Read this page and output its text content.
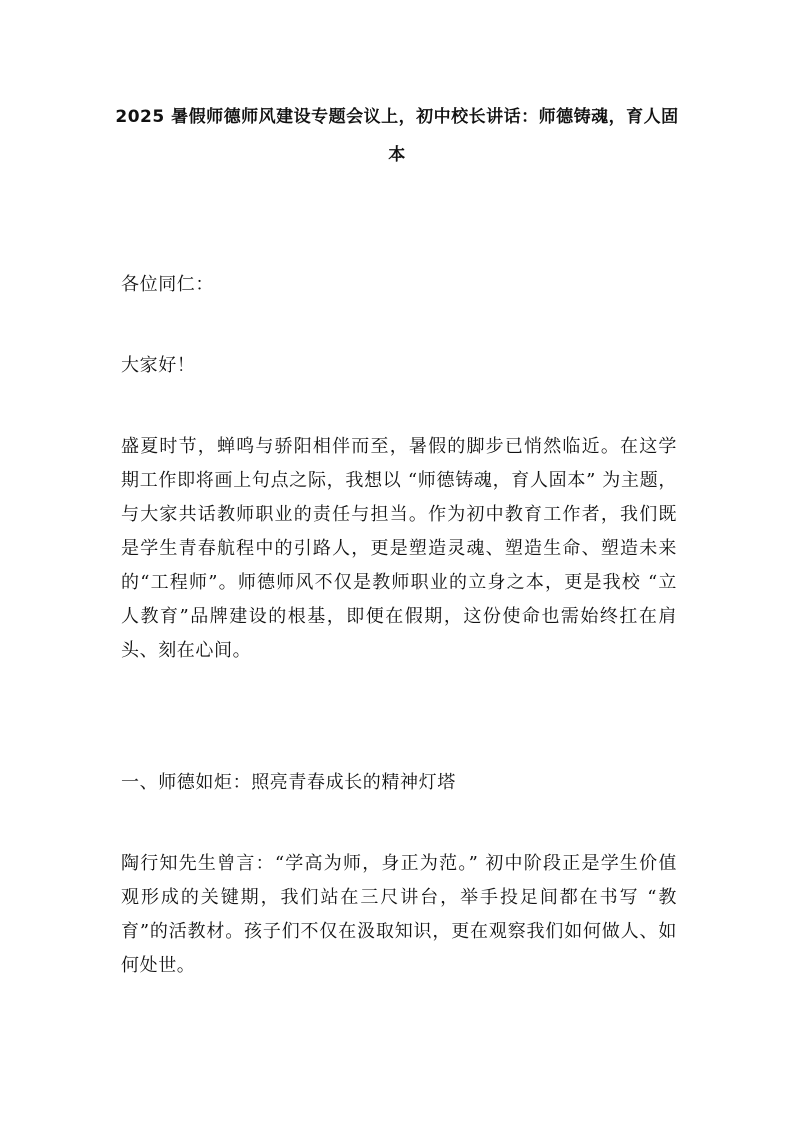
2025 暑假师德师风建设专题会议上，初中校长讲话：师德铸魂，育人固本

各位同仁：

大家好！

盛夏时节，蝉鸣与骄阳相伴而至，暑假的脚步已悄然临近。在这学期工作即将画上句点之际，我想以 “师德铸魂，育人固本” 为主题，与大家共话教师职业的责任与担当。作为初中教育工作者，我们既是学生青春航程中的引路人，更是塑造灵魂、塑造生命、塑造未来的“工程师”。师德师风不仅是教师职业的立身之本，更是我校 “立人教育”品牌建设的根基，即便在假期，这份使命也需始终扛在肩头、刻在心间。

一、师德如炬：照亮青春成长的精神灯塔

陶行知先生曾言：“学高为师，身正为范。” 初中阶段正是学生价值观形成的关键期，我们站在三尺讲台，举手投足间都在书写 “教育”的活教材。孩子们不仅在汲取知识，更在观察我们如何做人、如何处世。
